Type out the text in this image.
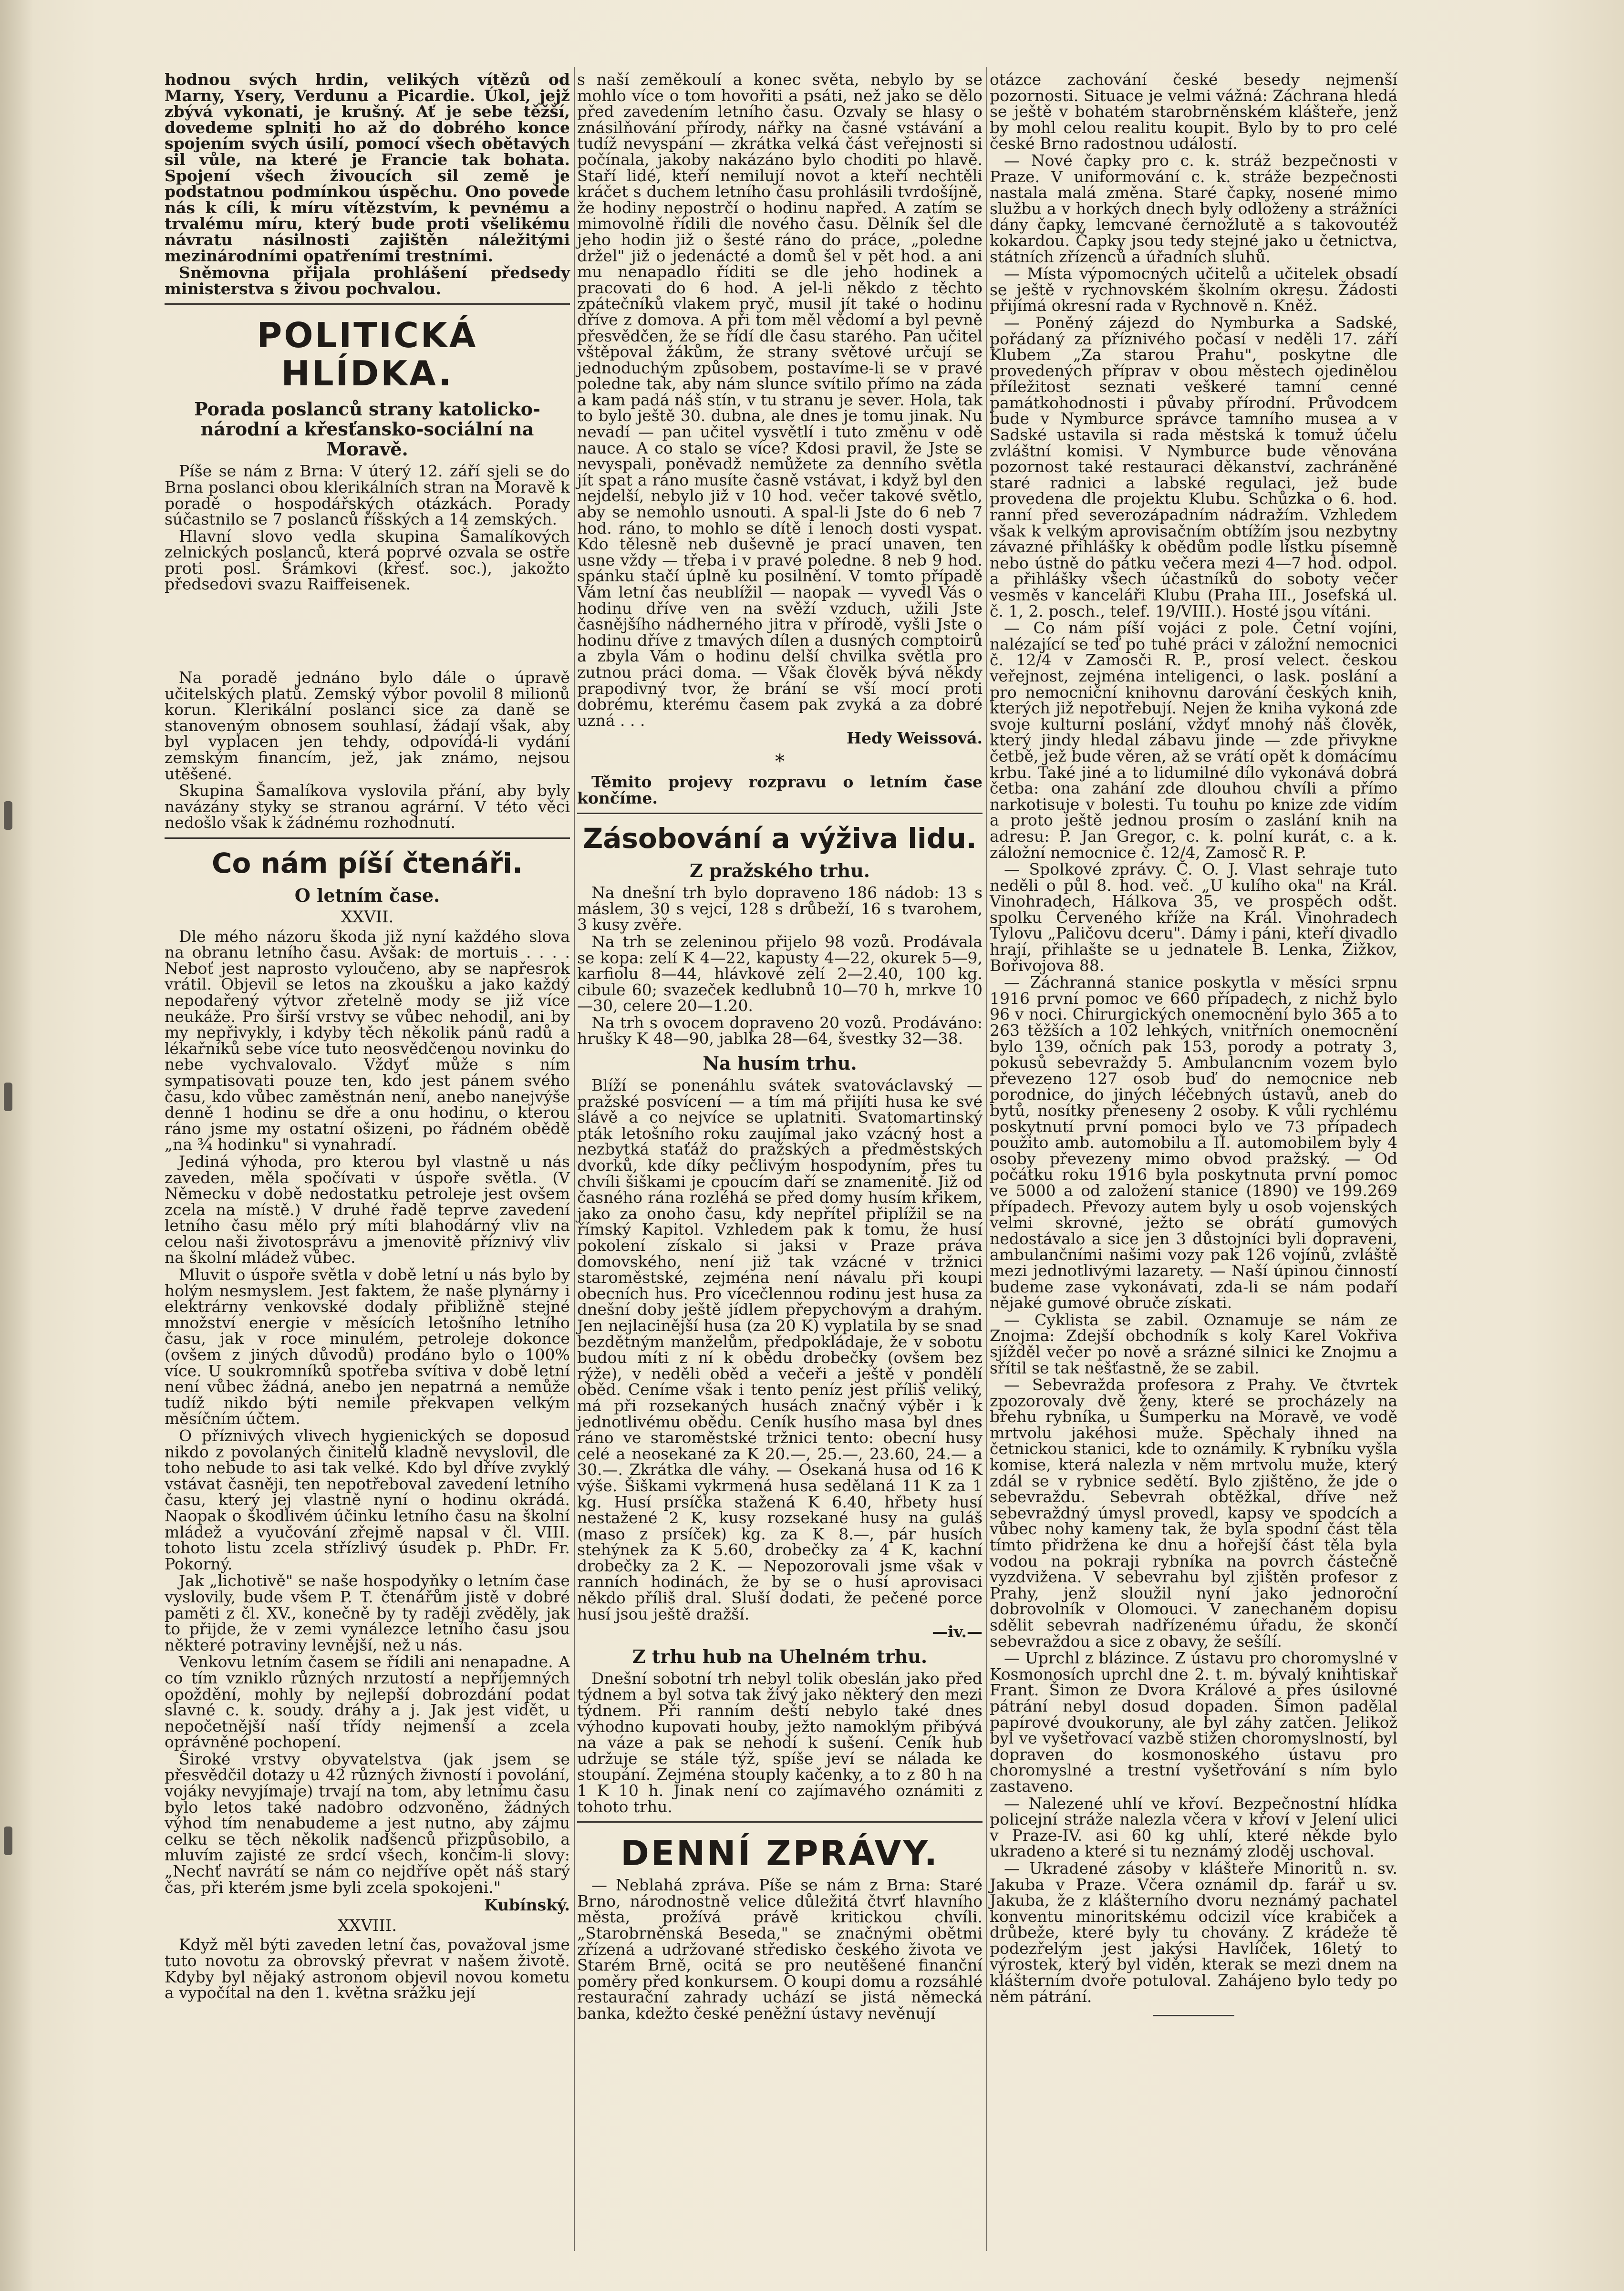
hodnou svých hrdin, velikých vítězů od Marny, Ysery, Verdunu a Picardie. Úkol, jejž zbývá vykonati, je krušný. Ať je sebe těžší, dovedeme splniti ho až do dobrého konce spojením svých úsilí, pomocí všech obětavých sil vůle, na které je Francie tak bohata. Spojení všech živoucích sil země je podstatnou podmínkou úspěchu. Ono povede nás k cíli, k míru vítězstvím, k pevnému a trvalému míru, který bude proti všelikému návratu násilnosti zajištěn náležitými mezinárodními opatřeními trestními.

Sněmovna přijala prohlášení předsedy ministerstva s živou pochvalou.

POLITICKÁ HLÍDKA.
Porada poslanců strany katolicko-národní a křesťansko-sociální na Moravě.

Píše se nám z Brna: V úterý 12. září sjeli se do Brna poslanci obou klerikálních stran na Moravě k poradě o hospodářských otázkách. Porady súčastnilo se 7 poslanců říšských a 14 zemských.

Hlavní slovo vedla skupina Šamalíkových zelnických poslanců, která poprvé ozvala se ostře proti posl. Šrámkovi (křesť. soc.), jakožto předsedovi svazu Raiffeisenek.

Na poradě jednáno bylo dále o úpravě učitelských platů. Zemský výbor povolil 8 milionů korun. Klerikální poslanci sice za daně se stanoveným obnosem souhlasí, žádají však, aby byl vyplacen jen tehdy, odpovídá-li vydání zemským financím, jež, jak známo, nejsou utěšené.

Skupina Šamalíkova vyslovila přání, aby byly navázány styky se stranou agrární. V této věci nedošlo však k žádnému rozhodnutí.

Co nám píší čtenáři.
O letním čase.
XXVII.

Dle mého názoru škoda již nyní každého slova na obranu letního času. Avšak: de mortuis . . . . Neboť jest naprosto vyloučeno, aby se napřesrok vrátil. Objevil se letos na zkoušku a jako každý nepodařený výtvor zřetelně mody se již více neukáže. Pro širší vrstvy se vůbec nehodil, ani by my nepřivykly, i kdyby těch několik pánů radů a lékařníků sebe více tuto neosvědčenou novinku do nebe vychvalovalo. Vždyť může s ním sympatisovati pouze ten, kdo jest pánem svého času, kdo vůbec zaměstnán není, anebo nanejvýše denně 1 hodinu se dře a onu hodinu, o kterou ráno jsme my ostatní ošizeni, po řádném obědě „na ¾ hodinku" si vynahradí.

Jediná výhoda, pro kterou byl vlastně u nás zaveden, měla spočívati v úspoře světla. (V Německu v době nedostatku petroleje jest ovšem zcela na místě.) V druhé řadě teprve zavedení letního času mělo prý míti blahodárný vliv na celou naši životosprávu a jmenovitě příznivý vliv na školní mládež vůbec.

Mluvit o úspoře světla v době letní u nás bylo by holým nesmyslem. Jest faktem, že naše plynárny i elektrárny venkovské dodaly přibližně stejné množství energie v měsících letošního letního času, jak v roce minulém, petroleje dokonce (ovšem z jiných důvodů) prodáno bylo o 100% více. U soukromníků spotřeba svítiva v době letní není vůbec žádná, anebo jen nepatrná a nemůže tudíž nikdo býti nemile překvapen velkým měsíčním účtem.

O příznivých vlivech hygienických se doposud nikdo z povolaných činitelů kladně nevyslovil, dle toho nebude to asi tak velké. Kdo byl dříve zvyklý vstávat časněji, ten nepotřeboval zavedení letního času, který jej vlastně nyní o hodinu okrádá. Naopak o škodlivém účinku letního času na školní mládež a vyučování zřejmě napsal v čl. VIII. tohoto listu zcela střízlivý úsudek p. PhDr. Fr. Pokorný.

Jak „lichotivě" se naše hospodyňky o letním čase vyslovily, bude všem P. T. čtenářům jistě v dobré paměti z čl. XV., konečně by ty raději zvěděly, jak to přijde, že v zemi vynálezce letního času jsou některé potraviny levnější, než u nás.

Venkovu letním časem se řídili ani nenapadne. A co tím vzniklo různých nrzutostí a nepříjemných opoždění, mohly by nejlepší dobrozdání podat slavné c. k. soudy. dráhy a j. Jak jest vidět, u nepočetnější naší třídy nejmenší a zcela oprávněné pochopení.

Široké vrstvy obyvatelstva (jak jsem se přesvědčil dotazy u 42 různých živností i povolání, vojáky nevyjímaje) trvají na tom, aby letnímu času bylo letos také nadobro odzvoněno, žádných výhod tím nenabudeme a jest nutno, aby zájmu celku se těch několik nadšenců přizpůsobilo, a mluvím zajisté ze srdcí všech, končím-li slovy: „Nechť navrátí se nám co nejdříve opět náš starý čas, při kterém jsme byli zcela spokojeni."

Kubínský.
XXVIII.

Když měl býti zaveden letní čas, považoval jsme tuto novotu za obrovský převrat v našem životě. Kdyby byl nějaký astronom objevil novou kometu a vypočítal na den 1. května srážku její

s naší zeměkoulí a konec světa, nebylo by se mohlo více o tom hovořiti a psáti, než jako se dělo před zavedením letního času. Ozvaly se hlasy o znásilňování přírody, nářky na časné vstávání a tudíž nevyspání — zkrátka velká část veřejnosti si počínala, jakoby nakázáno bylo choditi po hlavě. Staří lidé, kteří nemilují novot a kteří nechtěli kráčet s duchem letního času prohlásili tvrdošíjně, že hodiny nepostrčí o hodinu napřed. A zatím se mimovolně řídili dle nového času. Dělník šel dle jeho hodin již o šesté ráno do práce, „poledne držel" již o jedenácté a domů šel v pět hod. a ani mu nenapadlo říditi se dle jeho hodinek a pracovati do 6 hod. A jel-li někdo z těchto zpátečníků vlakem pryč, musil jít také o hodinu dříve z domova. A při tom měl vědomí a byl pevně přesvědčen, že se řídí dle času starého. Pan učitel vštěpoval žákům, že strany světové určují se jednoduchým způsobem, postavíme-li se v pravé poledne tak, aby nám slunce svítilo přímo na záda a kam padá náš stín, v tu stranu je sever. Hola, tak to bylo ještě 30. dubna, ale dnes je tomu jinak. Nu nevadí — pan učitel vysvětlí i tuto změnu v odě nauce. A co stalo se více? Kdosi pravil, že Jste se nevyspali, poněvadž nemůžete za denního světla jít spat a ráno musíte časně vstávat, i když byl den nejdelší, nebylo již v 10 hod. večer takové světlo, aby se nemohlo usnouti. A spal-li Jste do 6 neb 7 hod. ráno, to mohlo se dítě i lenoch dosti vyspat. Kdo tělesně neb duševně je prací unaven, ten usne vždy — třeba i v pravé poledne. 8 neb 9 hod. spánku stačí úplně ku posilnění. V tomto případě Vám letní čas neublížil — naopak — vyvedl Vás o hodinu dříve ven na svěží vzduch, užili Jste časnějšího nádherného jitra v přírodě, vyšli Jste o hodinu dříve z tmavých dílen a dusných comptoirů a zbyla Vám o hodinu delší chvilka světla pro zutnou práci doma. — Však člověk bývá někdy prapodivný tvor, že brání se vší mocí proti dobrému, kterému časem pak zvyká a za dobré uzná . . .

Hedy Weissová.
*

Těmito projevy rozpravu o letním čase končíme.

Zásobování a výživa lidu.
Z pražského trhu.

Na dnešní trh bylo dopraveno 186 nádob: 13 s máslem, 30 s vejci, 128 s drůbeží, 16 s tvarohem, 3 kusy zvěře.

Na trh se zeleninou přijelo 98 vozů. Prodávala se kopa: zelí K 4—22, kapusty 4—22, okurek 5—9, karfiolu 8—44, hlávkové zelí 2—2.40, 100 kg. cibule 60; svazeček kedlubnů 10—70 h, mrkve 10—30, celere 20—1.20.

Na trh s ovocem dopraveno 20 vozů. Prodáváno: hrušky K 48—90, jablka 28—64, švestky 32—38.

Na husím trhu.

Blíží se ponenáhlu svátek svatováclavský — pražské posvícení — a tím má přijíti husa ke své slávě a co nejvíce se uplatniti. Svatomartinský pták letošního roku zaujímal jako vzácný host a nezbytká staťáž do pražských a předměstských dvorků, kde díky pečlivým hospodyním, přes tu chvíli šiškami je cpoucím daří se znamenitě. Již od časného rána rozléhá se před domy husím křikem, jako za onoho času, kdy nepřítel připlížil se na římský Kapitol. Vzhledem pak k tomu, že husí pokolení získalo si jaksi v Praze práva domovského, není již tak vzácné v tržnici staroměstské, zejména není návalu při koupi obecních hus. Pro vícečlennou rodinu jest husa za dnešní doby ještě jídlem přepychovým a drahým. Jen nejlacinější husa (za 20 K) vyplatila by se snad bezdětným manželům, předpokládaje, že v sobotu budou míti z ní k obědu drobečky (ovšem bez rýže), v neděli oběd a večeři a ještě v pondělí oběd. Ceníme však i tento peníz jest příliš veliký, má při rozsekaných husách značný výběr i k jednotlivému obědu. Ceník husího masa byl dnes ráno ve staroměstské tržnici tento: obecní husy celé a neosekané za K 20.—, 25.—, 23.60, 24.— a 30.—. Zkrátka dle váhy. — Osekaná husa od 16 K výše. Šiškami vykrmená husa sedělaná 11 K za 1 kg. Husí prsíčka stažená K 6.40, hřbety husí nestažené 2 K, kusy rozsekané husy na guláš (maso z prsíček) kg. za K 8.—, pár husích stehýnek za K 5.60, drobečky za 4 K, kachní drobečky za 2 K. — Nepozorovali jsme však v ranních hodinách, že by se o husí aprovisaci někdo příliš dral. Sluší dodati, že pečené porce husí jsou ještě dražší.

—iv.—
Z trhu hub na Uhelném trhu.

Dnešní sobotní trh nebyl tolik obeslán jako před týdnem a byl sotva tak živý jako některý den mezi týdnem. Při ranním deští nebylo také dnes výhodno kupovati houby, ježto namoklým přibývá na váze a pak se nehodí k sušení. Ceník hub udržuje se stále týž, spíše jeví se nálada ke stoupání. Zejména stouply kačenky, a to z 80 h na 1 K 10 h. Jinak není co zajímavého oznámiti z tohoto trhu.

DENNÍ ZPRÁVY.

— Neblahá zpráva. Píše se nám z Brna: Staré Brno, národnostně velice důležitá čtvrť hlavního města, prožívá právě kritickou chvíli. „Starobrněnská Beseda," se značnými obětmi zřízená a udržované středisko českého života ve Starém Brně, ocitá se pro neutěšené finanční poměry před konkursem. O koupi domu a rozsáhlé restaurační zahrady uchází se jistá německá banka, kdežto české peněžní ústavy nevěnují

otázce zachování české besedy nejmenší pozornosti. Situace je velmi vážná: Záchrana hledá se ještě v bohatém starobrněnském klášteře, jenž by mohl celou realitu koupit. Bylo by to pro celé české Brno radostnou událostí.

— Nové čapky pro c. k. stráž bezpečnosti v Praze. V uniformování c. k. stráže bezpečnosti nastala malá změna. Staré čapky, nosené mimo službu a v horkých dnech byly odloženy a strážníci dány čapky, lemcvané černožlutě a s takovoutéž kokardou. Čapky jsou tedy stejné jako u četnictva, státních zřízenců a úřadních sluhů.

— Místa výpomocných učitelů a učitelek obsadí se ještě v rychnovském školním okresu. Žádosti přijímá okresní rada v Rychnově n. Kněž.

— Poněný zájezd do Nymburka a Sadské, pořádaný za příznivého počasí v neděli 17. září Klubem „Za starou Prahu", poskytne dle provedených příprav v obou městech ojedinělou příležitost seznati veškeré tamní cenné památkohodnosti i půvaby přírodní. Průvodcem bude v Nymburce správce tamního musea a v Sadské ustavila si rada městská k tomuž účelu zvláštní komisi. V Nymburce bude věnována pozornost také restauraci děkanství, zachráněné staré radnici a labské regulaci, jež bude provedena dle projektu Klubu. Schůzka o 6. hod. ranní před severozápadním nádražím. Vzhledem však k velkým aprovisačním obtížím jsou nezbytny závazné přihlášky k obědům podle lístku písemně nebo ústně do pátku večera mezi 4—7 hod. odpol. a přihlášky všech účastníků do soboty večer vesměs v kanceláři Klubu (Praha III., Josefská ul. č. 1, 2. posch., telef. 19/VIII.). Hosté jsou vítáni.

— Co nám píší vojáci z pole. Četní vojíni, nalézající se teď po tuhé práci v záložní nemocnici č. 12/4 v Zamosči R. P., prosí velect. českou veřejnost, zejména inteligenci, o lask. poslání a pro nemocniční knihovnu darování českých knih, kterých již nepotřebují. Nejen že kniha vykoná zde svoje kulturní poslání, vždyť mnohý náš člověk, který jindy hledal zábavu jinde — zde přivykne četbě, jež bude věren, až se vrátí opět k domácímu krbu. Také jiné a to lidumilné dílo vykonává dobrá četba: ona zahání zde dlouhou chvíli a přímo narkotisuje v bolesti. Tu touhu po knize zde vidím a proto ještě jednou prosím o zaslání knih na adresu: P. Jan Gregor, c. k. polní kurát, c. a k. záložní nemocnice č. 12/4, Zamosč R. P.

— Spolkové zprávy. Č. O. J. Vlast sehraje tuto neděli o půl 8. hod. več. „U kulího oka" na Král. Vinohradech, Hálkova 35, ve prospěch odšt. spolku Červeného kříže na Král. Vinohradech Tylovu „Paličovu dceru". Dámy i páni, kteří divadlo hrají, přihlašte se u jednatele B. Lenka, Žižkov, Bořivojova 88.

— Záchranná stanice poskytla v měsíci srpnu 1916 první pomoc ve 660 případech, z nichž bylo 96 v noci. Chirurgických onemocnění bylo 365 a to 263 těžších a 102 lehkých, vnitřních onemocnění bylo 139, očních pak 153, porody a potraty 3, pokusů sebevraždy 5. Ambulancním vozem bylo převezeno 127 osob buď do nemocnice neb porodnice, do jiných léčebných ústavů, aneb do bytů, nosítky přeneseny 2 osoby. K vůli rychlému poskytnutí první pomoci bylo ve 73 případech použito amb. automobilu a II. automobilem byly 4 osoby převezeny mimo obvod pražský. — Od počátku roku 1916 byla poskytnuta první pomoc ve 5000 a od založení stanice (1890) ve 199.269 případech. Převozy autem byly u osob vojenských velmi skrovné, ježto se obrátí gumových nedostávalo a sice jen 3 důstojníci byli dopraveni, ambulančními našimi vozy pak 126 vojínů, zvláště mezi jednotlivými lazarety. — Naší úpinou činností budeme zase vykonávati, zda-li se nám podaří nějaké gumové obruče získati.

— Cyklista se zabil. Oznamuje se nám ze Znojma: Zdejší obchodník s koly Karel Vokřiva sjížděl večer po nově a srázné silnici ke Znojmu a sřítil se tak nešťastně, že se zabil.

— Sebevražda profesora z Prahy. Ve čtvrtek zpozorovaly dvě ženy, které se procházely na břehu rybníka, u Šumperku na Moravě, ve vodě mrtvolu jakéhosi muže. Spěchaly ihned na četnickou stanici, kde to oznámily. K rybníku vyšla komise, která nalezla v něm mrtvolu muže, který zdál se v rybnice sedětí. Bylo zjištěno, že jde o sebevraždu. Sebevrah obtěžkal, dříve než sebevraždný úmysl provedl, kapsy ve spodcích a vůbec nohy kameny tak, že byla spodní část těla tímto přidržena ke dnu a hořejší část těla byla vodou na pokraji rybníka na povrch částečně vyzdvižena. V sebevrahu byl zjištěn profesor z Prahy, jenž sloužil nyní jako jednoroční dobrovolník v Olomouci. V zanechaném dopisu sdělit sebevrah nadřízenému úřadu, že skončí sebevraždou a sice z obavy, že sešílí.

— Uprchl z blázince. Z ústavu pro choromyslné v Kosmonosích uprchl dne 2. t. m. bývalý knihtiskař Frant. Šimon ze Dvora Králové a přes úsilovné pátrání nebyl dosud dopaden. Šimon padělal papírové dvoukoruny, ale byl záhy zatčen. Jelikož byl ve vyšetřovací vazbě stižen choromyslností, byl dopraven do kosmonoského ústavu pro choromyslné a trestní vyšetřování s ním bylo zastaveno.

— Nalezené uhlí ve křoví. Bezpečnostní hlídka policejní stráže nalezla včera v křoví v Jelení ulici v Praze-IV. asi 60 kg uhlí, které někde bylo ukradeno a které si tu neznámý zloděj uschoval.

— Ukradené zásoby v klášteře Minoritů n. sv. Jakuba v Praze. Včera oznámil dp. farář u sv. Jakuba, že z klášterního dvoru neznámý pachatel konventu minoritskému odcizil více krabiček a drůbeže, které byly tu chovány. Z krádeže tě podezřelým jest jakýsi Havlíček, 16letý to výrostek, který byl viděn, kterak se mezi dnem na klášterním dvoře potuloval. Zahájeno bylo tedy po něm pátrání.
